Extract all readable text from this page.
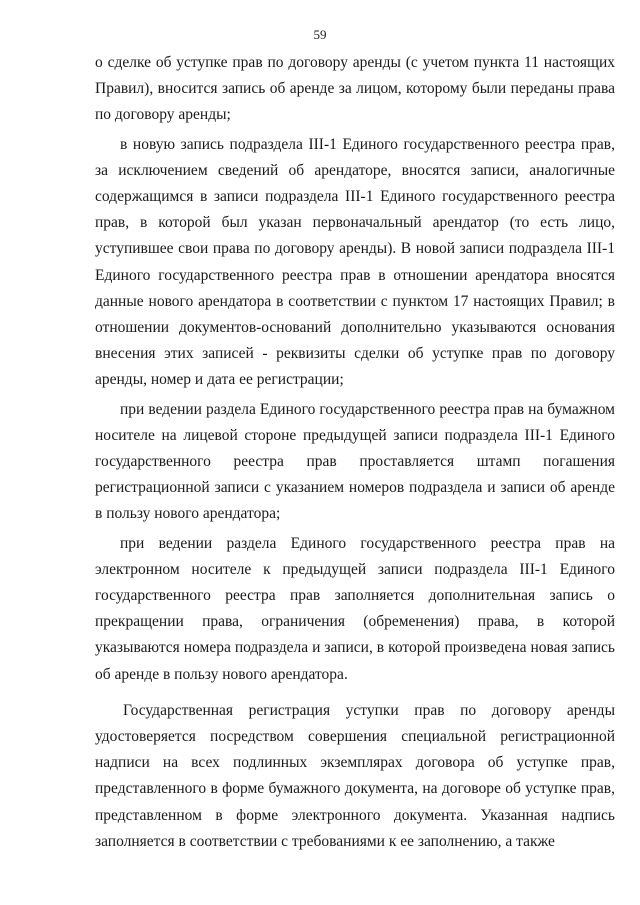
59

о сделке об уступке прав по договору аренды (с учетом пункта 11 настоящих Правил), вносится запись об аренде за лицом, которому были переданы права по договору аренды;

в новую запись подраздела III-1 Единого государственного реестра прав, за исключением сведений об арендаторе, вносятся записи, аналогичные содержащимся в записи подраздела III-1 Единого государственного реестра прав, в которой был указан первоначальный арендатор (то есть лицо, уступившее свои права по договору аренды). В новой записи подраздела III-1 Единого государственного реестра прав в отношении арендатора вносятся данные нового арендатора в соответствии с пунктом 17 настоящих Правил; в отношении документов-оснований дополнительно указываются основания внесения этих записей - реквизиты сделки об уступке прав по договору аренды, номер и дата ее регистрации;

при ведении раздела Единого государственного реестра прав на бумажном носителе на лицевой стороне предыдущей записи подраздела III-1 Единого государственного реестра прав проставляется штамп погашения регистрационной записи с указанием номеров подраздела и записи об аренде в пользу нового арендатора;

при ведении раздела Единого государственного реестра прав на электронном носителе к предыдущей записи подраздела III-1 Единого государственного реестра прав заполняется дополнительная запись о прекращении права, ограничения (обременения) права, в которой указываются номера подраздела и записи, в которой произведена новая запись об аренде в пользу нового арендатора.

Государственная регистрация уступки прав по договору аренды удостоверяется посредством совершения специальной регистрационной надписи на всех подлинных экземплярах договора об уступке прав, представленного в форме бумажного документа, на договоре об уступке прав, представленном в форме электронного документа. Указанная надпись заполняется в соответствии с требованиями к ее заполнению, а также
